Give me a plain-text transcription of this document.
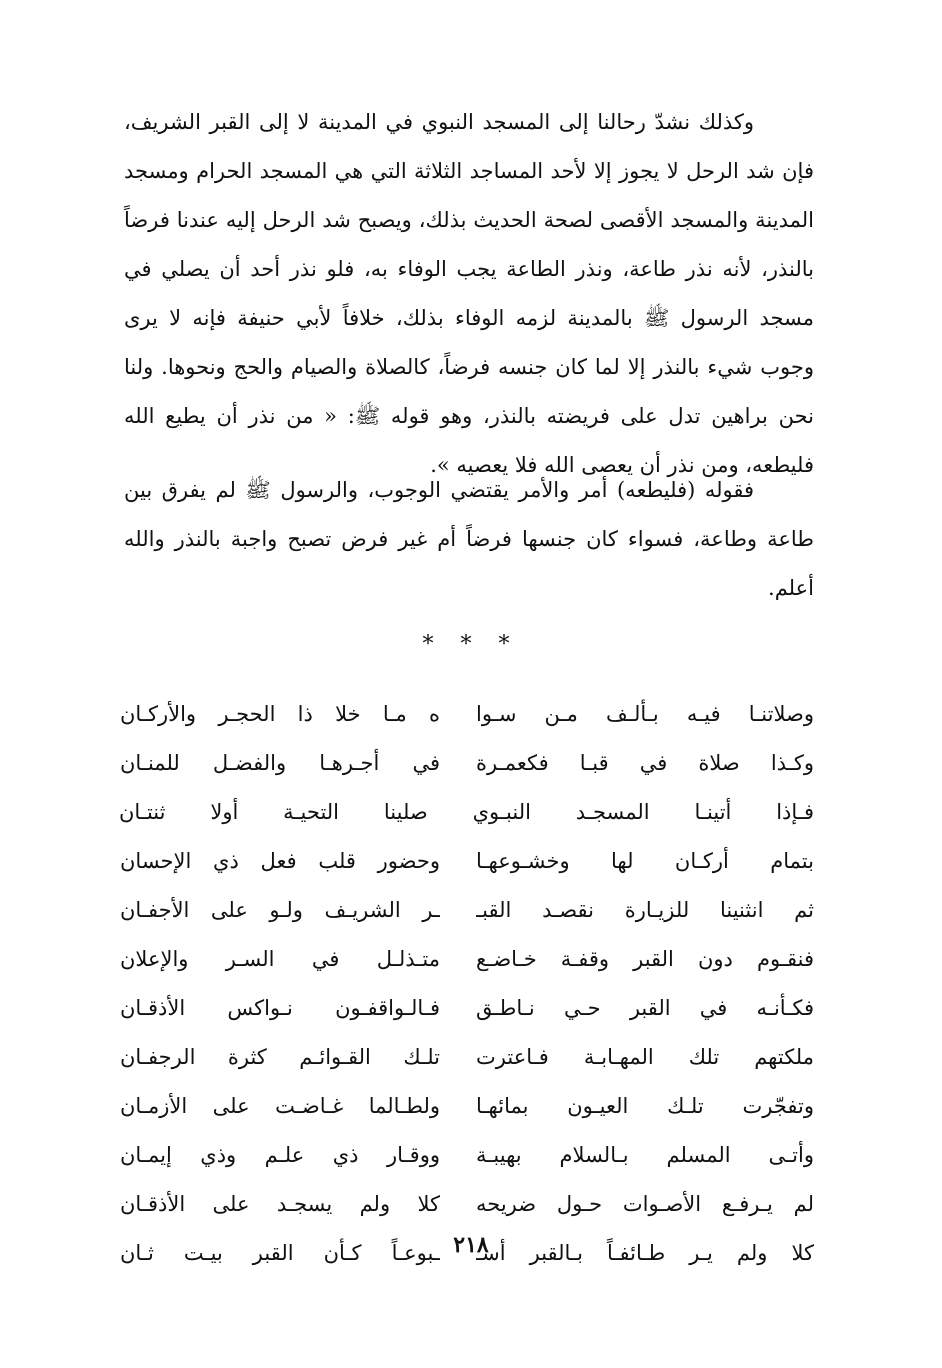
وكذلك نشدّ رحالنا إلى المسجد النبوي في المدينة لا إلى القبر الشريف، فإن شد الرحل لا يجوز إلا لأحد المساجد الثلاثة التي هي المسجد الحرام ومسجد المدينة والمسجد الأقصى لصحة الحديث بذلك، ويصبح شد الرحل إليه عندنا فرضاً بالنذر، لأنه نذر طاعة، ونذر الطاعة يجب الوفاء به، فلو نذر أحد أن يصلي في مسجد الرسول ﷺ بالمدينة لزمه الوفاء بذلك، خلافاً لأبي حنيفة فإنه لا يرى وجوب شيء بالنذر إلا لما كان جنسه فرضاً، كالصلاة والصيام والحج ونحوها. ولنا نحن براهين تدل على فريضته بالنذر، وهو قوله ﷺ: « من نذر أن يطيع الله فليطعه، ومن نذر أن يعصى الله فلا يعصيه ».

فقوله (فليطعه) أمر والأمر يقتضي الوجوب، والرسول ﷺ لم يفرق بين طاعة وطاعة، فسواء كان جنسها فرضاً أم غير فرض تصبح واجبة بالنذر والله أعلم.

* * *
وصلاتنـا فيـه بـألـف مـن سـوا
ه مـا خلا ذا الحجـر والأركـان
وكـذا صلاة في قبـا فكعمـرة
في أجـرهـا والفضـل للمنـان
فـإذا أتينـا المسجـد النبـوي صلينا التحيـة أولا ثنتـان
بتمام أركـان لها وخشـوعهـا
وحضور قلب فعل ذي الإحسان
ثم انثنينا للزيـارة نقصـد القبـ
ـر الشريـف ولـو على الأجفـان
فنقـوم دون القبر وقفـة خـاضـع
متـذلـل في السـر والإعلان
فكـأنـه في القبر حـي نـاطـق
فـالـواقفـون نـواكس الأذقـان
ملكتهم تلك المهـابـة فـاعترت
تلـك القـوائـم كثرة الرجفـان
وتفجّرت تلـك العيـون بمائهـا
ولطـالما غـاضـت على الأزمـان
وأتـى المسلم بـالسلام بهيبـة
ووقـار ذي علـم وذي إيمـان
لم يـرفـع الأصـوات حـول ضريحه
كلا ولم يسجـد على الأذقـان
كلا ولم يـر طـائفـاً بـالقبر أسـ
ـبوعـاً كـأن القبر بيـت ثـان ٢١٨
